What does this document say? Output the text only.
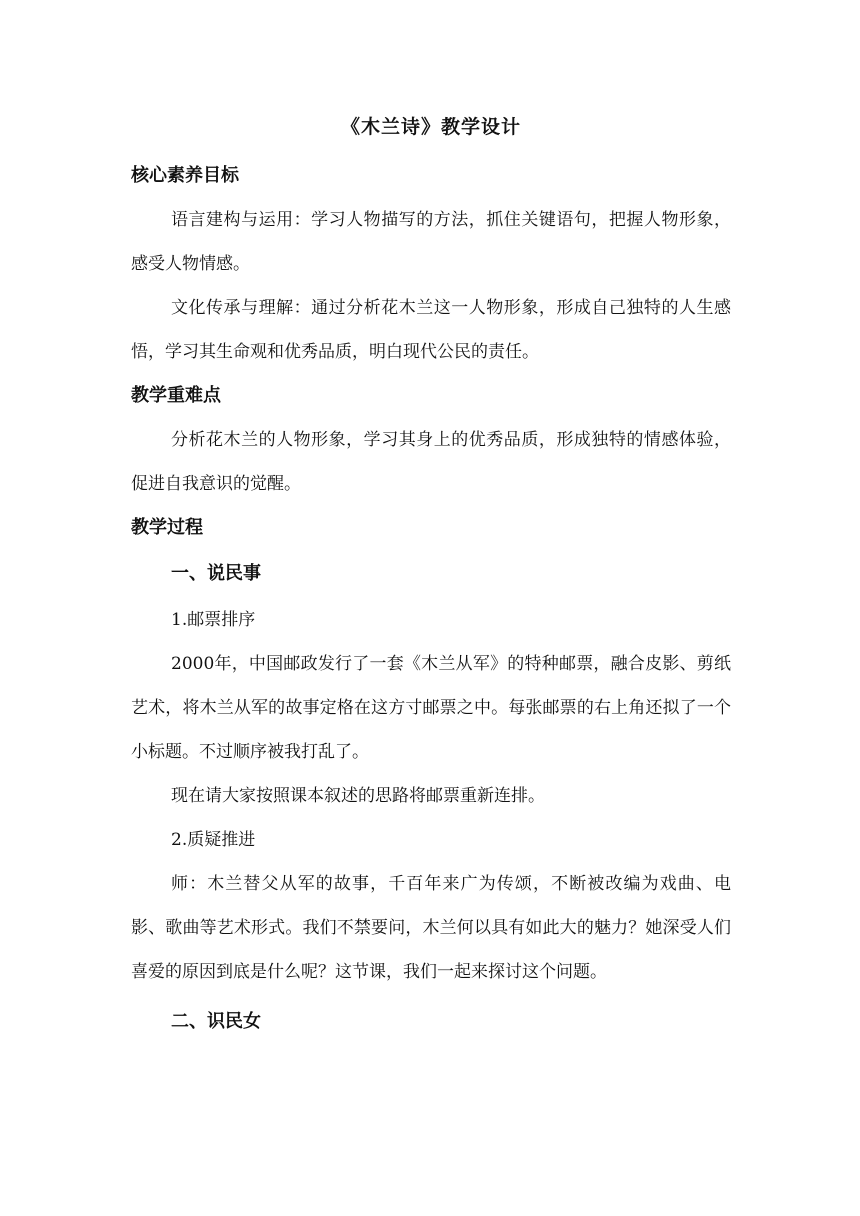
《木兰诗》教学设计
核心素养目标

语言建构与运用：学习人物描写的方法，抓住关键语句，把握人物形象，感受人物情感。

文化传承与理解：通过分析花木兰这一人物形象，形成自己独特的人生感悟，学习其生命观和优秀品质，明白现代公民的责任。

教学重难点

分析花木兰的人物形象，学习其身上的优秀品质，形成独特的情感体验，促进自我意识的觉醒。

教学过程
一、说民事
1.邮票排序

2000年，中国邮政发行了一套《木兰从军》的特种邮票，融合皮影、剪纸艺术，将木兰从军的故事定格在这方寸邮票之中。每张邮票的右上角还拟了一个小标题。不过顺序被我打乱了。

现在请大家按照课本叙述的思路将邮票重新连排。

2.质疑推进

师：木兰替父从军的故事，千百年来广为传颂，不断被改编为戏曲、电影、歌曲等艺术形式。我们不禁要问，木兰何以具有如此大的魅力？她深受人们喜爱的原因到底是什么呢？这节课，我们一起来探讨这个问题。

二、识民女
